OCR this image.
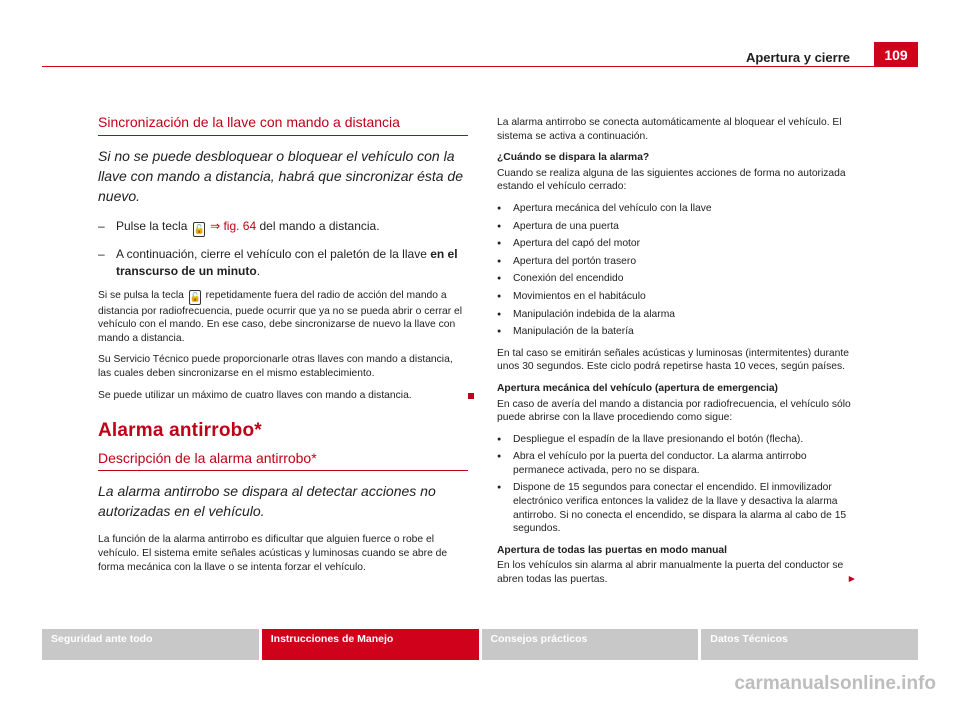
Apertura y cierre	109
Sincronización de la llave con mando a distancia
Si no se puede desbloquear o bloquear el vehículo con la llave con mando a distancia, habrá que sincronizar ésta de nuevo.
– Pulse la tecla 🔓 ⇒ fig. 64 del mando a distancia.
– A continuación, cierre el vehículo con el paletón de la llave en el transcurso de un minuto.

Si se pulsa la tecla 🔓 repetidamente fuera del radio de acción del mando a distancia por radiofrecuencia, puede ocurrir que ya no se pueda abrir o cerrar el vehículo con el mando. En ese caso, debe sincronizarse de nuevo la llave con mando a distancia.

Su Servicio Técnico puede proporcionarle otras llaves con mando a distancia, las cuales deben sincronizarse en el mismo establecimiento.

Se puede utilizar un máximo de cuatro llaves con mando a distancia.

Alarma antirrobo*
Descripción de la alarma antirrobo*
La alarma antirrobo se dispara al detectar acciones no autorizadas en el vehículo.

La función de la alarma antirrobo es dificultar que alguien fuerce o robe el vehículo. El sistema emite señales acústicas y luminosas cuando se abre de forma mecánica con la llave o se intenta forzar el vehículo.

La alarma antirrobo se conecta automáticamente al bloquear el vehículo. El sistema se activa a continuación.

¿Cuándo se dispara la alarma?

Cuando se realiza alguna de las siguientes acciones de forma no autorizada estando el vehículo cerrado:

● Apertura mecánica del vehículo con la llave
● Apertura de una puerta
● Apertura del capó del motor
● Apertura del portón trasero
● Conexión del encendido
● Movimientos en el habitáculo
● Manipulación indebida de la alarma
● Manipulación de la batería

En tal caso se emitirán señales acústicas y luminosas (intermitentes) durante unos 30 segundos. Este ciclo podrá repetirse hasta 10 veces, según países.

Apertura mecánica del vehículo (apertura de emergencia)

En caso de avería del mando a distancia por radiofrecuencia, el vehículo sólo puede abrirse con la llave procediendo como sigue:

● Despliegue el espadín de la llave presionando el botón (flecha).
● Abra el vehículo por la puerta del conductor. La alarma antirrobo permanece activada, pero no se dispara.
● Dispone de 15 segundos para conectar el encendido. El inmovilizador electrónico verifica entonces la validez de la llave y desactiva la alarma antirrobo. Si no conecta el encendido, se dispara la alarma al cabo de 15 segundos.
Apertura de todas las puertas en modo manual

En los vehículos sin alarma al abrir manualmente la puerta del conductor se abren todas las puertas.	►

Seguridad ante todo	Instrucciones de Manejo	Consejos prácticos	Datos Técnicos
carmanualsonline.info
